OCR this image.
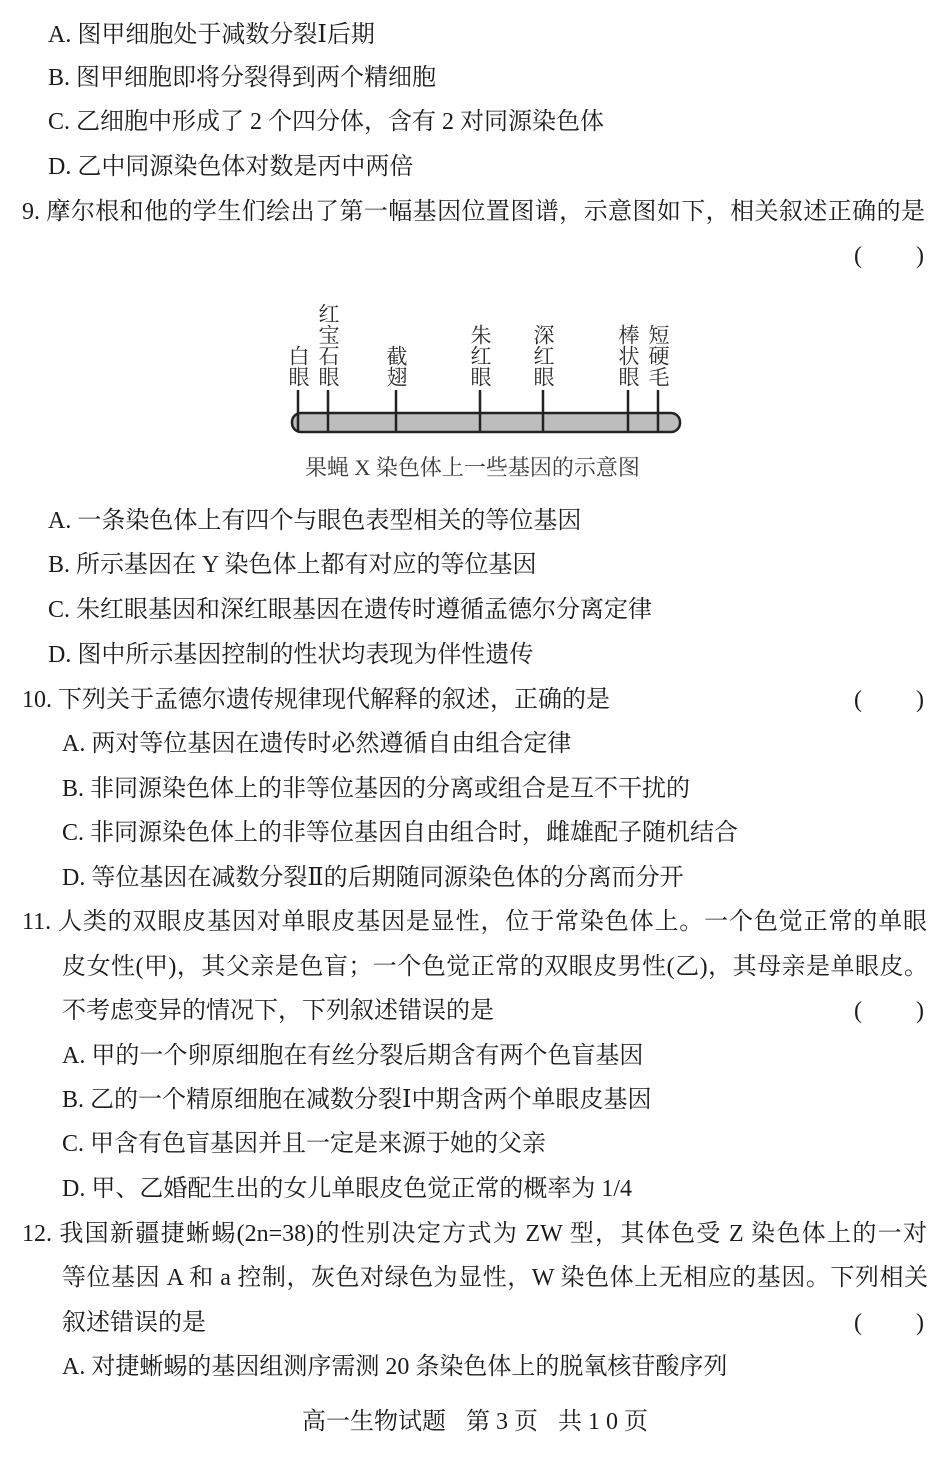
A. 图甲细胞处于减数分裂Ⅰ后期
B. 图甲细胞即将分裂得到两个精细胞
C. 乙细胞中形成了 2 个四分体，含有 2 对同源染色体
D. 乙中同源染色体对数是丙中两倍
9. 摩尔根和他的学生们绘出了第一幅基因位置图谱，示意图如下，相关叙述正确的是
(         )
白眼 红宝石眼 截翅	朱红眼 深红眼	棒状眼 短硬毛
果蝇 X 染色体上一些基因的示意图
A. 一条染色体上有四个与眼色表型相关的等位基因
B. 所示基因在 Y 染色体上都有对应的等位基因
C. 朱红眼基因和深红眼基因在遗传时遵循孟德尔分离定律
D. 图中所示基因控制的性状均表现为伴性遗传
10. 下列关于孟德尔遗传规律现代解释的叙述，正确的是	(         )
A. 两对等位基因在遗传时必然遵循自由组合定律
B. 非同源染色体上的非等位基因的分离或组合是互不干扰的
C. 非同源染色体上的非等位基因自由组合时，雌雄配子随机结合
D. 等位基因在减数分裂Ⅱ的后期随同源染色体的分离而分开
11. 人类的双眼皮基因对单眼皮基因是显性，位于常染色体上。一个色觉正常的单眼
皮女性(甲)，其父亲是色盲；一个色觉正常的双眼皮男性(乙)，其母亲是单眼皮。
不考虑变异的情况下，下列叙述错误的是	(         )
A. 甲的一个卵原细胞在有丝分裂后期含有两个色盲基因
B. 乙的一个精原细胞在减数分裂Ⅰ中期含两个单眼皮基因
C. 甲含有色盲基因并且一定是来源于她的父亲
D. 甲、乙婚配生出的女儿单眼皮色觉正常的概率为 1/4
12. 我国新疆捷蜥蜴(2n=38)的性别决定方式为 ZW 型，其体色受 Z 染色体上的一对
等位基因 A 和 a 控制，灰色对绿色为显性，W 染色体上无相应的基因。下列相关
叙述错误的是	(         )
A. 对捷蜥蜴的基因组测序需测 20 条染色体上的脱氧核苷酸序列
高一生物试题 第 3 页 共 1 0 页
